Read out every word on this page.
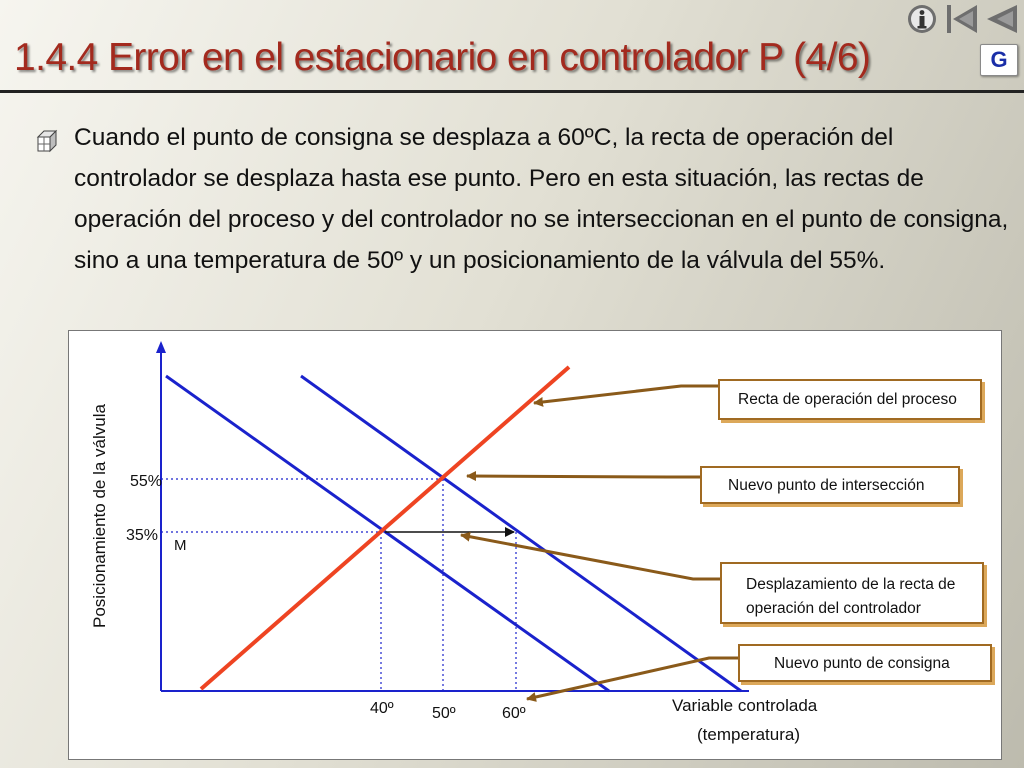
G
1.4.4 Error en el estacionario en controlador P (4/6)

Cuando el punto de consigna se desplaza a 60ºC, la recta de operación del controlador se desplaza hasta ese punto. Pero en esta situación, las rectas de operación del proceso y del controlador no se interseccionan en el punto de consigna, sino a una temperatura de 50º y un posicionamiento de la válvula del 55%.

Posicionamiento de la válvula 55%
35%
M
40º 50º	60º	Variable controlada
(temperatura)
Recta de operación del proceso
Nuevo punto de intersección
Desplazamiento de la recta de
operación del controlador
Nuevo punto de consigna
